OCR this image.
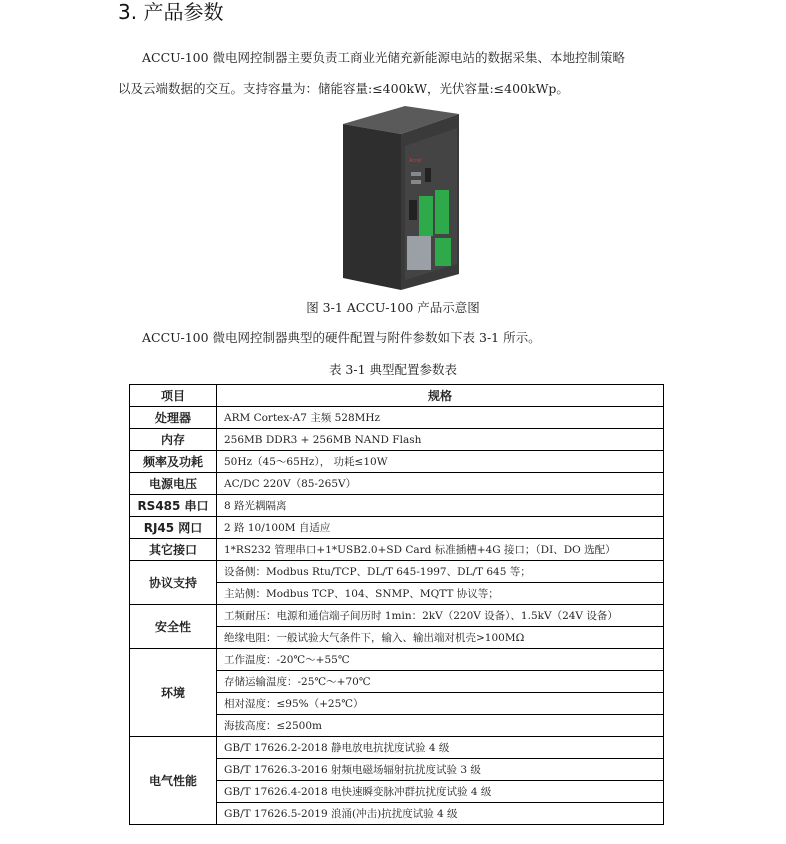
3. 产品参数
ACCU-100 微电网控制器主要负责工商业光储充新能源电站的数据采集、本地控制策略
以及云端数据的交互。支持容量为：储能容量:≤400kW，光伏容量:≤400kWp。
Acrel
图 3-1 ACCU-100 产品示意图
ACCU-100 微电网控制器典型的硬件配置与附件参数如下表 3-1 所示。
表 3-1 典型配置参数表
项目	规格
处理器	ARM Cortex-A7 主频 528MHz
内存	256MB DDR3 + 256MB NAND Flash
频率及功耗	50Hz（45～65Hz）， 功耗≤10W
电源电压	AC/DC 220V（85-265V）
RS485 串口	8 路光耦隔离
RJ45 网口	2 路 10/100M 自适应
其它接口	1*RS232 管理串口+1*USB2.0+SD Card 标准插槽+4G 接口；（DI、DO 选配）
协议支持	设备侧：Modbus Rtu/TCP、DL/T 645-1997、DL/T 645 等；
	主站侧：Modbus TCP、104、SNMP、MQTT 协议等；
安全性	工频耐压：电源和通信端子间历时 1min：2kV（220V 设备）、1.5kV（24V 设备）
	绝缘电阻：一般试验大气条件下，输入、输出端对机壳>100MΩ
环境	工作温度：-20℃～+55℃
	存储运输温度：-25℃～+70℃
	相对湿度：≤95%（+25℃）
	海拔高度：≤2500m
电气性能	GB/T 17626.2-2018 静电放电抗扰度试验 4 级
	GB/T 17626.3-2016 射频电磁场辐射抗扰度试验 3 级
	GB/T 17626.4-2018 电快速瞬变脉冲群抗扰度试验 4 级
	GB/T 17626.5-2019 浪涌(冲击)抗扰度试验 4 级
